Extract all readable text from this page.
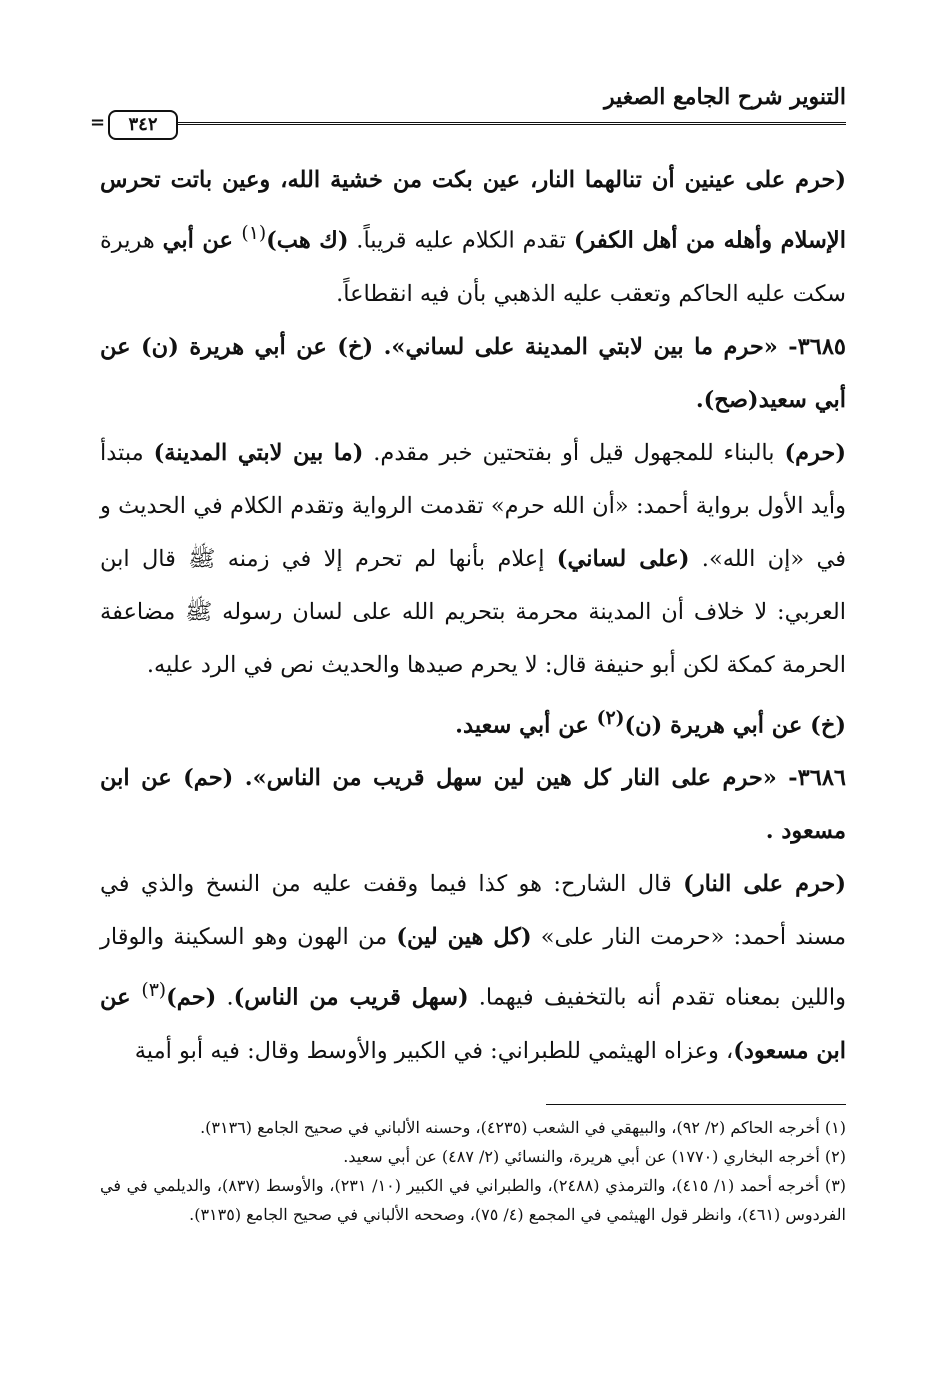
التنوير شرح الجامع الصغير
٣٤٢
=

(حرم على عينين أن تنالهما النار، عين بكت من خشية الله، وعين باتت تحرس الإسلام وأهله من أهل الكفر) تقدم الكلام عليه قريباً. (ك هب)$^{(١)}$ عن أبي هريرة سكت عليه الحاكم وتعقب عليه الذهبي بأن فيه انقطاعاً.

٣٦٨٥- «حرم ما بين لابتي المدينة على لساني». (خ) عن أبي هريرة (ن) عن أبي سعيد(صح).

(حرم) بالبناء للمجهول قيل أو بفتحتين خبر مقدم. (ما بين لابتي المدينة) مبتدأ وأيد الأول برواية أحمد: «أن الله حرم» تقدمت الرواية وتقدم الكلام في الحديث و في «إن الله». (على لساني) إعلام بأنها لم تحرم إلا في زمنه ﷺ قال ابن العربي: لا خلاف أن المدينة محرمة بتحريم الله على لسان رسوله ﷺ مضاعفة الحرمة كمكة لكن أبو حنيفة قال: لا يحرم صيدها والحديث نص في الرد عليه.

(خ) عن أبي هريرة (ن)$^{(٢)}$ عن أبي سعيد.

٣٦٨٦- «حرم على النار كل هين لين سهل قريب من الناس». (حم) عن ابن مسعود .

(حرم على النار) قال الشارح: هو كذا فيما وقفت عليه من النسخ والذي في مسند أحمد: «حرمت النار على» (كل هين لين) من الهون وهو السكينة والوقار واللين بمعناه تقدم أنه بالتخفيف فيهما. (سهل قريب من الناس). (حم)$^{(٣)}$ عن ابن مسعود)، وعزاه الهيثمي للطبراني: في الكبير والأوسط وقال: فيه أبو أمية

(١) أخرجه الحاكم (٢/ ٩٢)، والبيهقي في الشعب (٤٢٣٥)، وحسنه الألباني في صحيح الجامع (٣١٣٦).

(٢) أخرجه البخاري (١٧٧٠) عن أبي هريرة، والنسائي (٢/ ٤٨٧) عن أبي سعيد.

(٣) أخرجه أحمد (١/ ٤١٥)، والترمذي (٢٤٨٨)، والطبراني في الكبير (١٠/ ٢٣١)، والأوسط (٨٣٧)، والديلمي في في الفردوس (٤٦١)، وانظر قول الهيثمي في المجمع (٤/ ٧٥)، وصححه الألباني في صحيح الجامع (٣١٣٥).
